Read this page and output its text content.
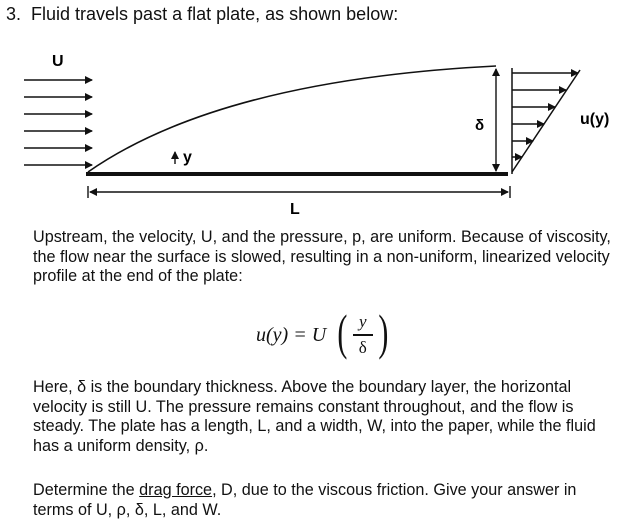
3. Fluid travels past a flat plate, as shown below:
U
y
δ	u(y)
L
Upstream, the velocity, U, and the pressure, p, are uniform. Because of viscosity, the flow near the surface is slowed, resulting in a non-uniform, linearized velocity profile at the end of the plate:
u(y) = U ( $\frac{y}{\delta}$ )
Here, δ is the boundary thickness. Above the boundary layer, the horizontal velocity is still U. The pressure remains constant throughout, and the flow is steady. The plate has a length, L, and a width, W, into the paper, while the fluid has a uniform density, ρ.
Determine the drag force, D, due to the viscous friction. Give your answer in terms of U, ρ, δ, L, and W.
